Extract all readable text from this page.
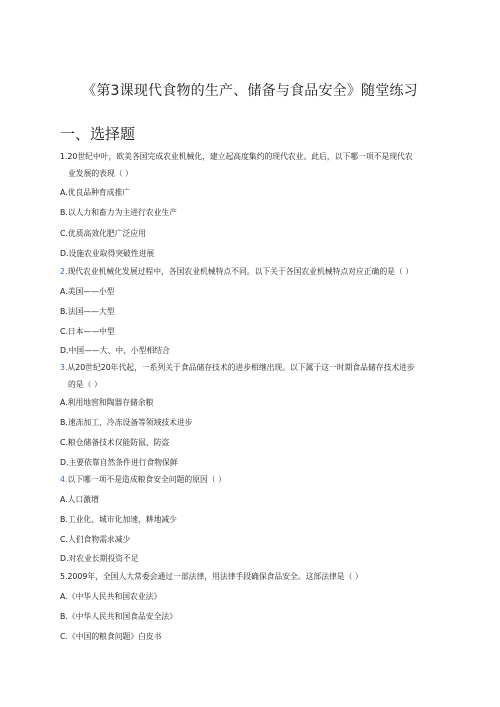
《第3课现代食物的生产、储备与食品安全》随堂练习
一、选择题
1.20世纪中叶，欧美各国完成农业机械化，建立起高度集约的现代农业。此后，以下哪一项不是现代农
业发展的表现（ ）
A.优良品种育成推广
B.以人力和畜力为主进行农业生产
C.优质高效化肥广泛应用
D.设施农业取得突破性进展
2.现代农业机械化发展过程中，各国农业机械特点不同。以下关于各国农业机械特点对应正确的是（ ）
A.美国——小型
B.法国——大型
C.日本——中型
D.中国——大、中、小型相结合
3.从20世纪20年代起，一系列关于食品储存技术的进步相继出现。以下属于这一时期食品储存技术进步
的是（ ）
A.利用地窖和陶器存储余粮
B.速冻加工、冷冻设备等领域技术进步
C.粮仓储备技术仅能防鼠、防盗
D.主要依靠自然条件进行食物保鲜
4.以下哪一项不是造成粮食安全问题的原因（ ）
A.人口激增
B.工业化、城市化加速，耕地减少
C.人们食物需求减少
D.对农业长期投资不足
5.2009年，全国人大常委会通过一部法律，用法律手段确保食品安全。这部法律是（ ）
A.《中华人民共和国农业法》
B.《中华人民共和国食品安全法》
C.《中国的粮食问题》白皮书
